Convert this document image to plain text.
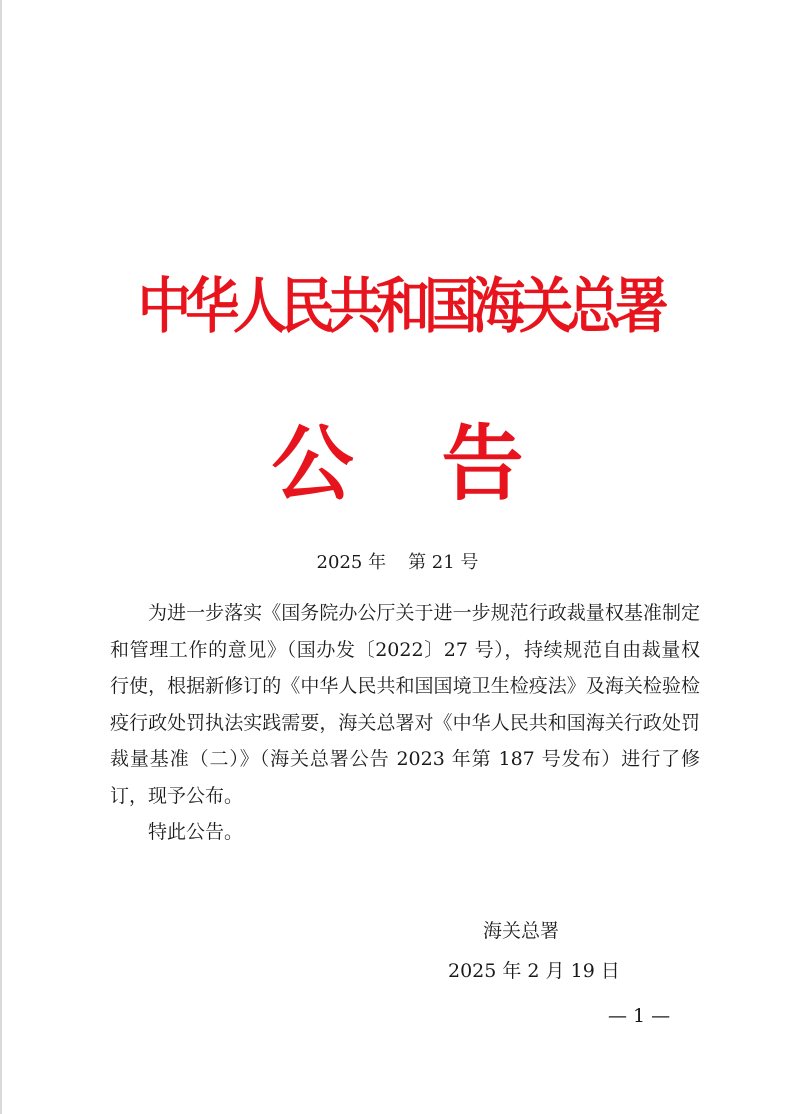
中华人民共和国海关总署
公 告
2025 年 第 21 号

为进一步落实《国务院办公厅关于进一步规范行政裁量权基准制定和管理工作的意见》（国办发〔2022〕27 号），持续规范自由裁量权行使，根据新修订的《中华人民共和国国境卫生检疫法》及海关检验检疫行政处罚执法实践需要，海关总署对《中华人民共和国海关行政处罚裁量基准（二）》（海关总署公告 2023 年第 187 号发布）进行了修订，现予公布。

特此公告。

海关总署
2025 年 2 月 19 日
— 1 —
